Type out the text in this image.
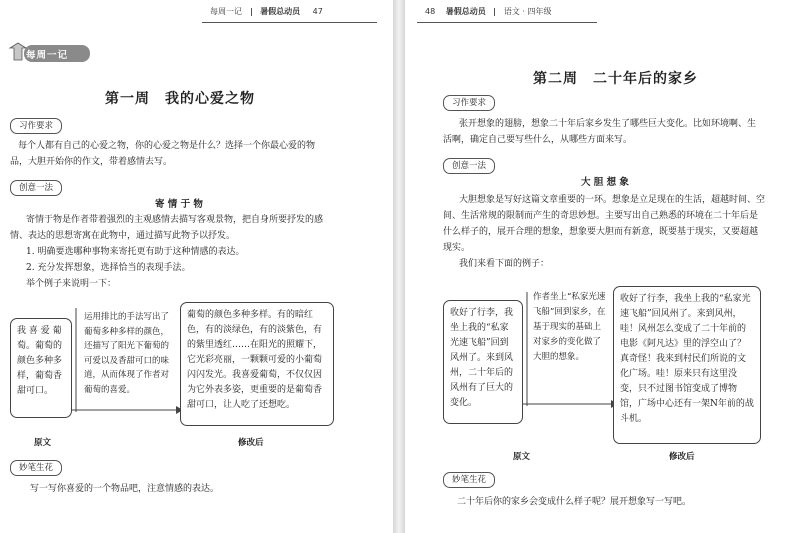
每周一记 暑假总动员 47
每周一记
第一周　我的心爱之物
习作要求
每个人都有自己的心爱之物，你的心爱之物是什么？选择一个你最心爱的物
品，大胆开始你的作文，带着感情去写。
创意一法
寄 情 于 物
寄情于物是作者带着强烈的主观感情去描写客观景物，把自身所要抒发的感
情、表达的思想寄寓在此物中，通过描写此物予以抒发。
1. 明确要选哪种事物来寄托更有助于这种情感的表达。
2. 充分发挥想象，选择恰当的表现手法。
举个例子来说明一下：
我 喜 爱 葡萄。葡萄的颜色多种多样，葡萄香甜可口。
运用排比的手法写出了葡萄多种多样的颜色，还描写了阳光下葡萄的可爱以及香甜可口的味道，从而体现了作者对葡萄的喜爱。
葡萄的颜色多种多样。有的暗红色，有的淡绿色，有的淡紫色，有的紫里透红……在阳光的照耀下，它光彩亮丽，一颗颗可爱的小葡萄闪闪发光。我喜爱葡萄，不仅仅因为它外表多姿，更重要的是葡萄香甜可口，让人吃了还想吃。
原文	修改后
妙笔生花
写一写你喜爱的一个物品吧，注意情感的表达。
48 暑假总动员 语文 · 四年级
第二周　二十年后的家乡
习作要求
张开想象的翅膀，想象二十年后家乡发生了哪些巨大变化。比如环境啊、生
活啊，确定自己要写些什么，从哪些方面来写。
创意一法
大 胆 想 象
大胆想象是写好这篇文章重要的一环。想象是立足现在的生活，超越时间、空
间、生活常规的限制而产生的奇思妙想。主要写出自己熟悉的环境在二十年后是
什么样子的，展开合理的想象，想象要大胆而有新意，既要基于现实，又要超越
现实。
我们来看下面的例子：
收好了行李，我坐上我的“私家光速飞船”回到风州了。来到风州，二十年后的风州有了巨大的变化。
作者坐上“私家光速飞船”回到家乡，在基于现实的基础上对家乡的变化做了大胆的想象。
收好了行李，我坐上我的“私家光速飞船”回风州了。来到风州，哇！风州怎么变成了二十年前的电影《阿凡达》里的浮空山了？真奇怪！我来到村民们所说的文化广场。哇！原来只有这里没变，只不过图书馆变成了博物馆，广场中心还有一架N年前的战斗机。
原文	修改后
妙笔生花
二十年后你的家乡会变成什么样子呢？展开想象写一写吧。
